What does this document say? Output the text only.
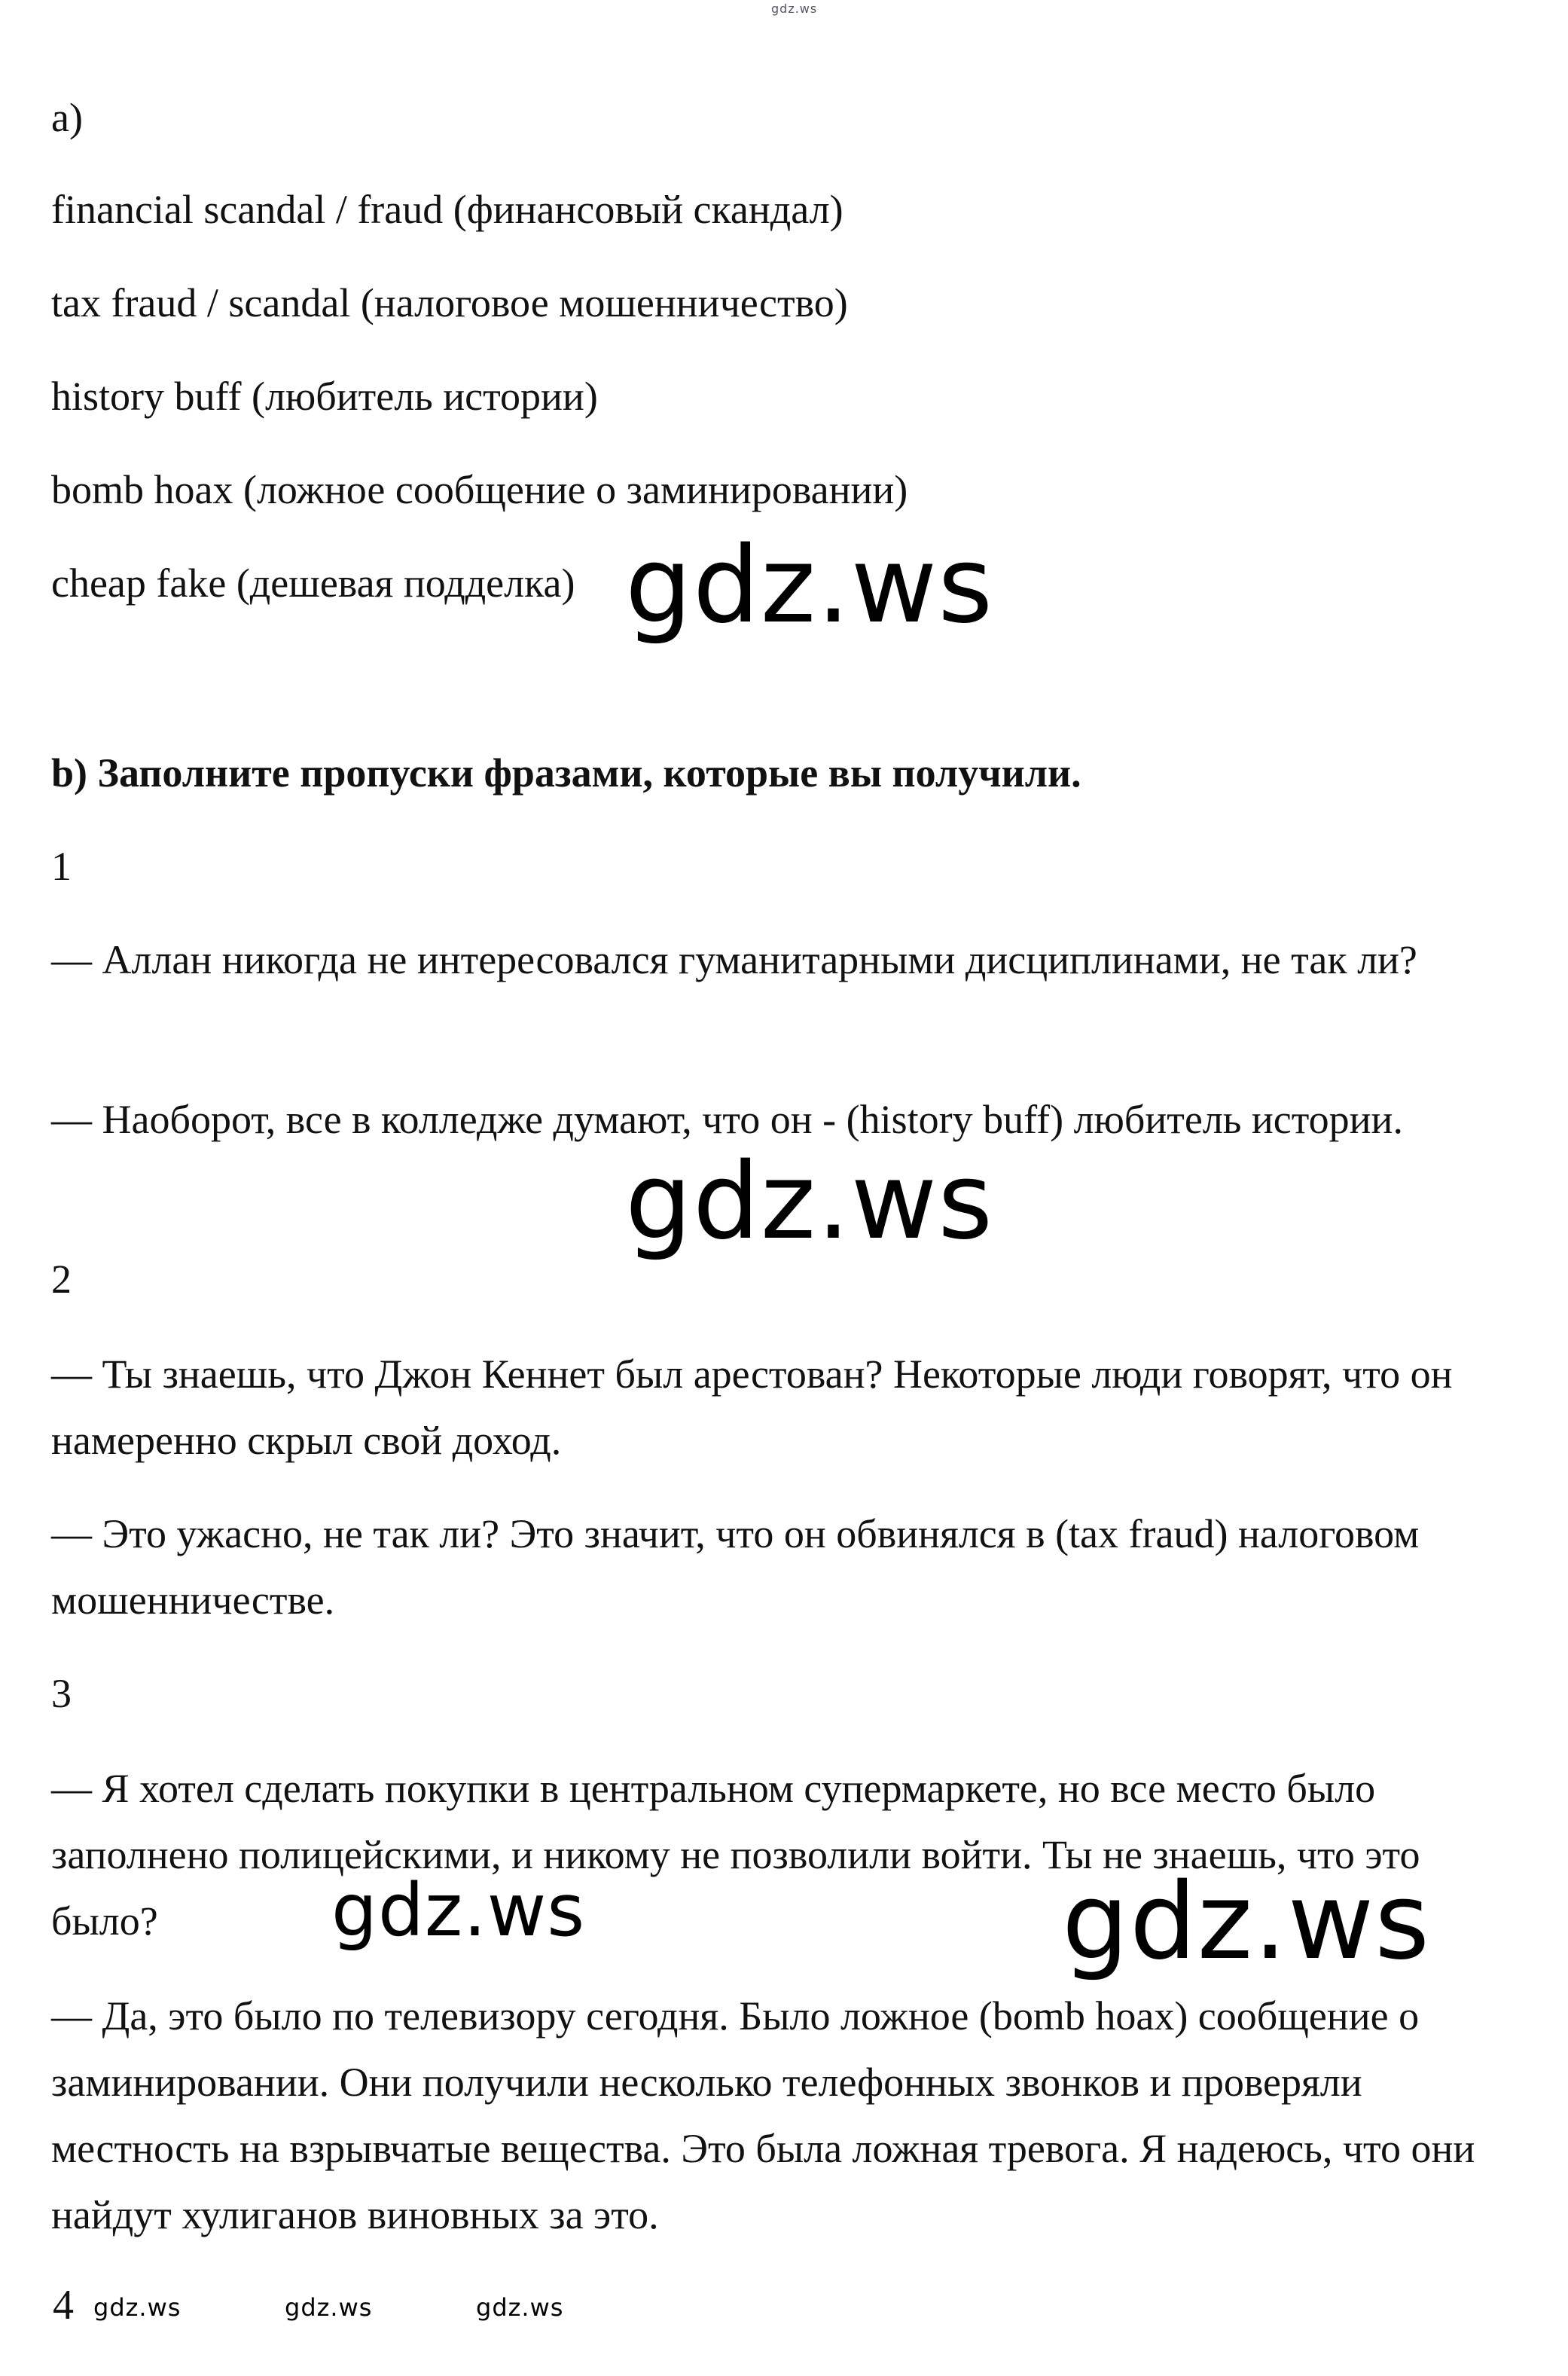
gdz.ws

a)

financial scandal / fraud (финансовый скандал)

tax fraud / scandal (налоговое мошенничество)

history buff (любитель истории)

bomb hoax (ложное сообщение о заминировании)

cheap fake (дешевая подделка) gdz.ws

b) Заполните пропуски фразами, которые вы получили.

1

— Аллан никогда не интересовался гуманитарными дисциплинами, не так ли?

— Наоборот, все в колледже думают, что он - (history buff) любитель истории.

gdz.ws

2

— Ты знаешь, что Джон Кеннет был арестован? Некоторые люди говорят, что он намеренно скрыл свой доход.

— Это ужасно, не так ли? Это значит, что он обвинялся в (tax fraud) налоговом мошенничестве.

3

— Я хотел сделать покупки в центральном супермаркете, но все место было заполнено полицейскими, и никому не позволили войти. Ты не знаешь, что это было?	gdz.ws	gdz.ws

— Да, это было по телевизору сегодня. Было ложное (bomb hoax) сообщение о заминировании. Они получили несколько телефонных звонков и проверяли местность на взрывчатые вещества. Это была ложная тревога. Я надеюсь, что они найдут хулиганов виновных за это.

4 gdz.ws	gdz.ws	gdz.ws
